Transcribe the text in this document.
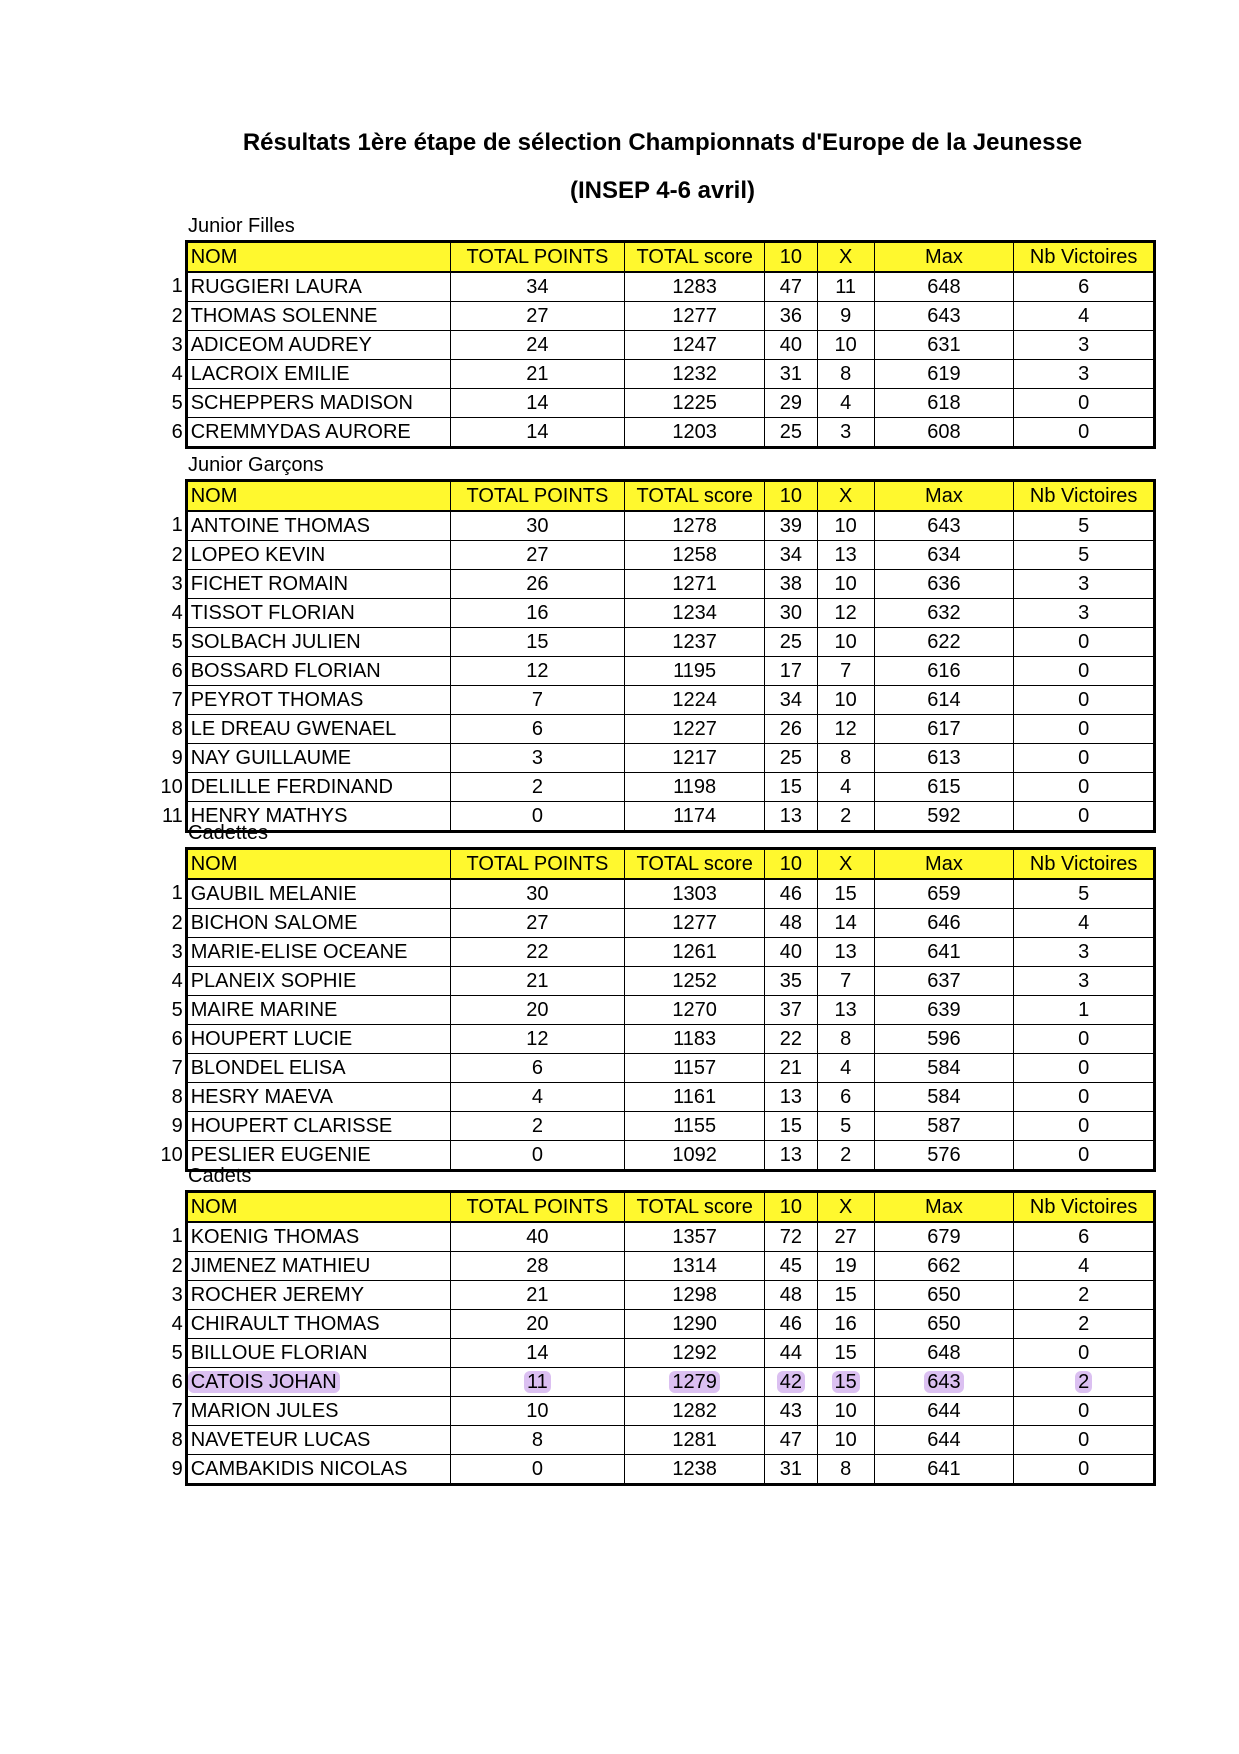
Résultats 1ère étape de sélection Championnats d'Europe de la Jeunesse
(INSEP 4-6 avril)
Junior Filles
	NOM	TOTAL POINTS	TOTAL score	10	X	Max	Nb Victoires
1	RUGGIERI LAURA	34	1283	47	11	648	6
2	THOMAS SOLENNE	27	1277	36	9	643	4
3	ADICEOM AUDREY	24	1247	40	10	631	3
4	LACROIX EMILIE	21	1232	31	8	619	3
5	SCHEPPERS MADISON	14	1225	29	4	618	0
6	CREMMYDAS AURORE	14	1203	25	3	608	0
Junior Garçons
	NOM	TOTAL POINTS	TOTAL score	10	X	Max	Nb Victoires
1	ANTOINE THOMAS	30	1278	39	10	643	5
2	LOPEO KEVIN	27	1258	34	13	634	5
3	FICHET ROMAIN	26	1271	38	10	636	3
4	TISSOT FLORIAN	16	1234	30	12	632	3
5	SOLBACH JULIEN	15	1237	25	10	622	0
6	BOSSARD FLORIAN	12	1195	17	7	616	0
7	PEYROT THOMAS	7	1224	34	10	614	0
8	LE DREAU GWENAEL	6	1227	26	12	617	0
9	NAY GUILLAUME	3	1217	25	8	613	0
10	DELILLE FERDINAND	2	1198	15	4	615	0
11	HENRY MATHYS	0	1174	13	2	592	0
Cadettes
	NOM	TOTAL POINTS	TOTAL score	10	X	Max	Nb Victoires
1	GAUBIL MELANIE	30	1303	46	15	659	5
2	BICHON SALOME	27	1277	48	14	646	4
3	MARIE-ELISE OCEANE	22	1261	40	13	641	3
4	PLANEIX SOPHIE	21	1252	35	7	637	3
5	MAIRE MARINE	20	1270	37	13	639	1
6	HOUPERT LUCIE	12	1183	22	8	596	0
7	BLONDEL ELISA	6	1157	21	4	584	0
8	HESRY MAEVA	4	1161	13	6	584	0
9	HOUPERT CLARISSE	2	1155	15	5	587	0
10	PESLIER EUGENIE	0	1092	13	2	576	0
Cadets
	NOM	TOTAL POINTS	TOTAL score	10	X	Max	Nb Victoires
1	KOENIG THOMAS	40	1357	72	27	679	6
2	JIMENEZ MATHIEU	28	1314	45	19	662	4
3	ROCHER JEREMY	21	1298	48	15	650	2
4	CHIRAULT THOMAS	20	1290	46	16	650	2
5	BILLOUE FLORIAN	14	1292	44	15	648	0
6	CATOIS JOHAN	11	1279	42	15	643	2
7	MARION JULES	10	1282	43	10	644	0
8	NAVETEUR LUCAS	8	1281	47	10	644	0
9	CAMBAKIDIS NICOLAS	0	1238	31	8	641	0
